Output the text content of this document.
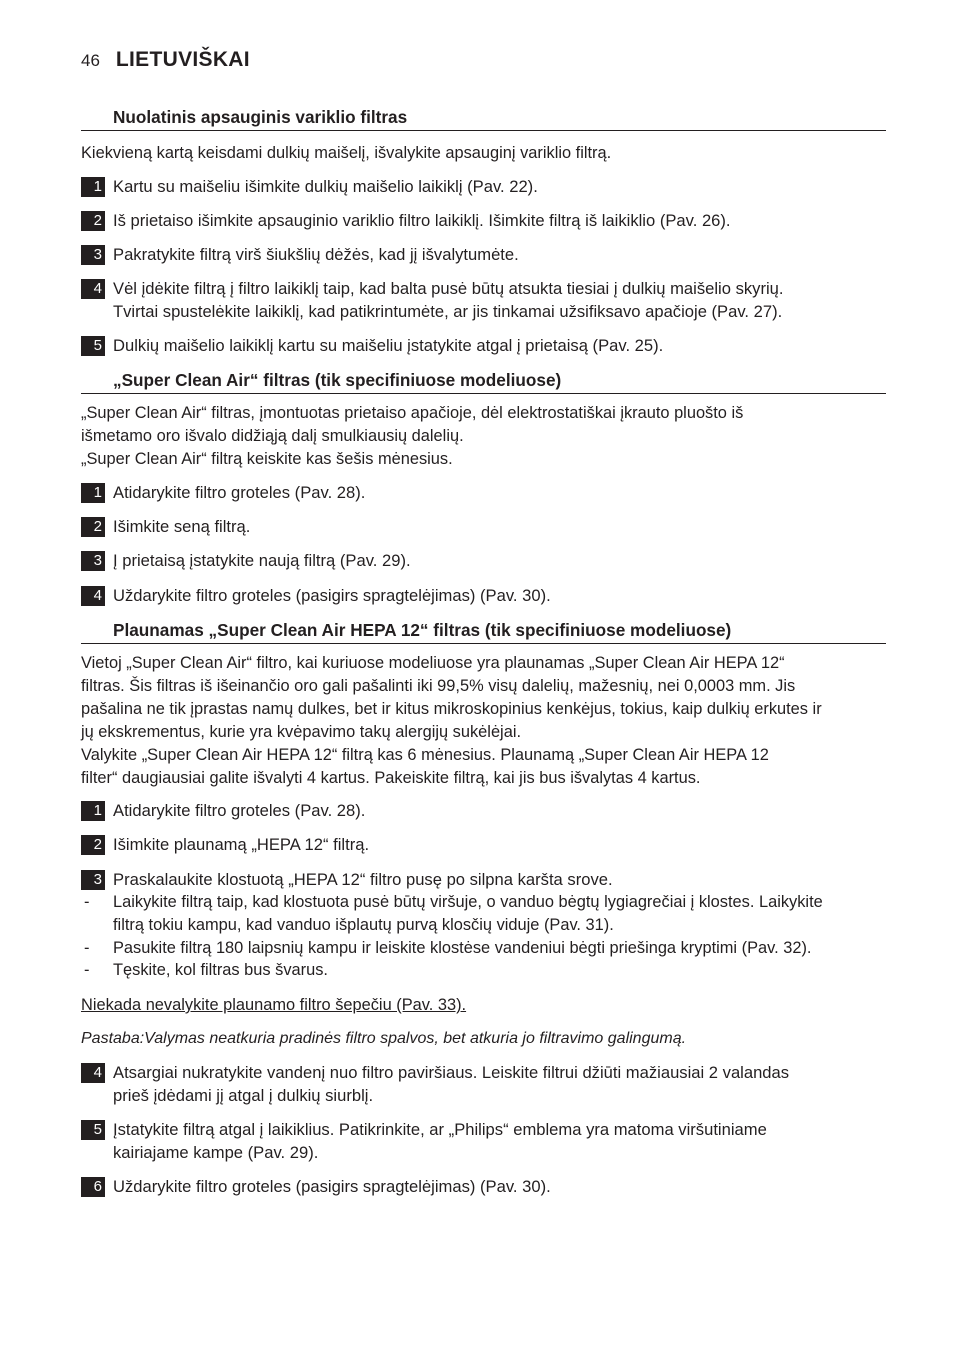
46 LIETUVIŠKAI
Nuolatinis apsauginis variklio filtras

Kiekvieną kartą keisdami dulkių maišelį, išvalykite apsauginį variklio filtrą.

1 Kartu su maišeliu išimkite dulkių maišelio laikiklį (Pav. 22).
2 Iš prietaiso išimkite apsauginio variklio filtro laikiklį. Išimkite filtrą iš laikiklio (Pav. 26).
3 Pakratykite filtrą virš šiukšlių dėžės, kad jį išvalytumėte.
4 Vėl įdėkite filtrą į filtro laikiklį taip, kad balta pusė būtų atsukta tiesiai į dulkių maišelio skyrių.
Tvirtai spustelėkite laikiklį, kad patikrintumėte, ar jis tinkamai užsifiksavo apačioje (Pav. 27).
5 Dulkių maišelio laikiklį kartu su maišeliu įstatykite atgal į prietaisą (Pav. 25).
„Super Clean Air“ filtras (tik specifiniuose modeliuose)

„Super Clean Air“ filtras, įmontuotas prietaiso apačioje, dėl elektrostatiškai įkrauto pluošto iš
išmetamo oro išvalo didžiąją dalį smulkiausių dalelių.
„Super Clean Air“ filtrą keiskite kas šešis mėnesius.

1 Atidarykite filtro groteles (Pav. 28).
2 Išimkite seną filtrą.
3 Į prietaisą įstatykite naują filtrą (Pav. 29).
4 Uždarykite filtro groteles (pasigirs spragtelėjimas) (Pav. 30).
Plaunamas „Super Clean Air HEPA 12“ filtras (tik specifiniuose modeliuose)

Vietoj „Super Clean Air“ filtro, kai kuriuose modeliuose yra plaunamas „Super Clean Air HEPA 12“
filtras. Šis filtras iš išeinančio oro gali pašalinti iki 99,5% visų dalelių, mažesnių, nei 0,0003 mm. Jis
pašalina ne tik įprastas namų dulkes, bet ir kitus mikroskopinius kenkėjus, tokius, kaip dulkių erkutes ir
jų ekskrementus, kurie yra kvėpavimo takų alergijų sukėlėjai.
Valykite „Super Clean Air HEPA 12“ filtrą kas 6 mėnesius. Plaunamą „Super Clean Air HEPA 12
filter“ daugiausiai galite išvalyti 4 kartus. Pakeiskite filtrą, kai jis bus išvalytas 4 kartus.

1 Atidarykite filtro groteles (Pav. 28).
2 Išimkite plaunamą „HEPA 12“ filtrą.
3 Praskalaukite klostuotą „HEPA 12“ filtro pusę po silpna karšta srove.
-	Laikykite filtrą taip, kad klostuota pusė būtų viršuje, o vanduo bėgtų lygiagrečiai į klostes. Laikykite
filtrą tokiu kampu, kad vanduo išplautų purvą klosčių viduje (Pav. 31).
-	Pasukite filtrą 180 laipsnių kampu ir leiskite klostėse vandeniui bėgti priešinga kryptimi (Pav. 32).
-	Tęskite, kol filtras bus švarus.
Niekada nevalykite plaunamo filtro šepečiu (Pav. 33).
Pastaba:Valymas neatkuria pradinės filtro spalvos, bet atkuria jo filtravimo galingumą.
4 Atsargiai nukratykite vandenį nuo filtro paviršiaus. Leiskite filtrui džiūti mažiausiai 2 valandas
prieš įdėdami jį atgal į dulkių siurblį.
5 Įstatykite filtrą atgal į laikiklius. Patikrinkite, ar „Philips“ emblema yra matoma viršutiniame
kairiajame kampe (Pav. 29).
6 Uždarykite filtro groteles (pasigirs spragtelėjimas) (Pav. 30).
